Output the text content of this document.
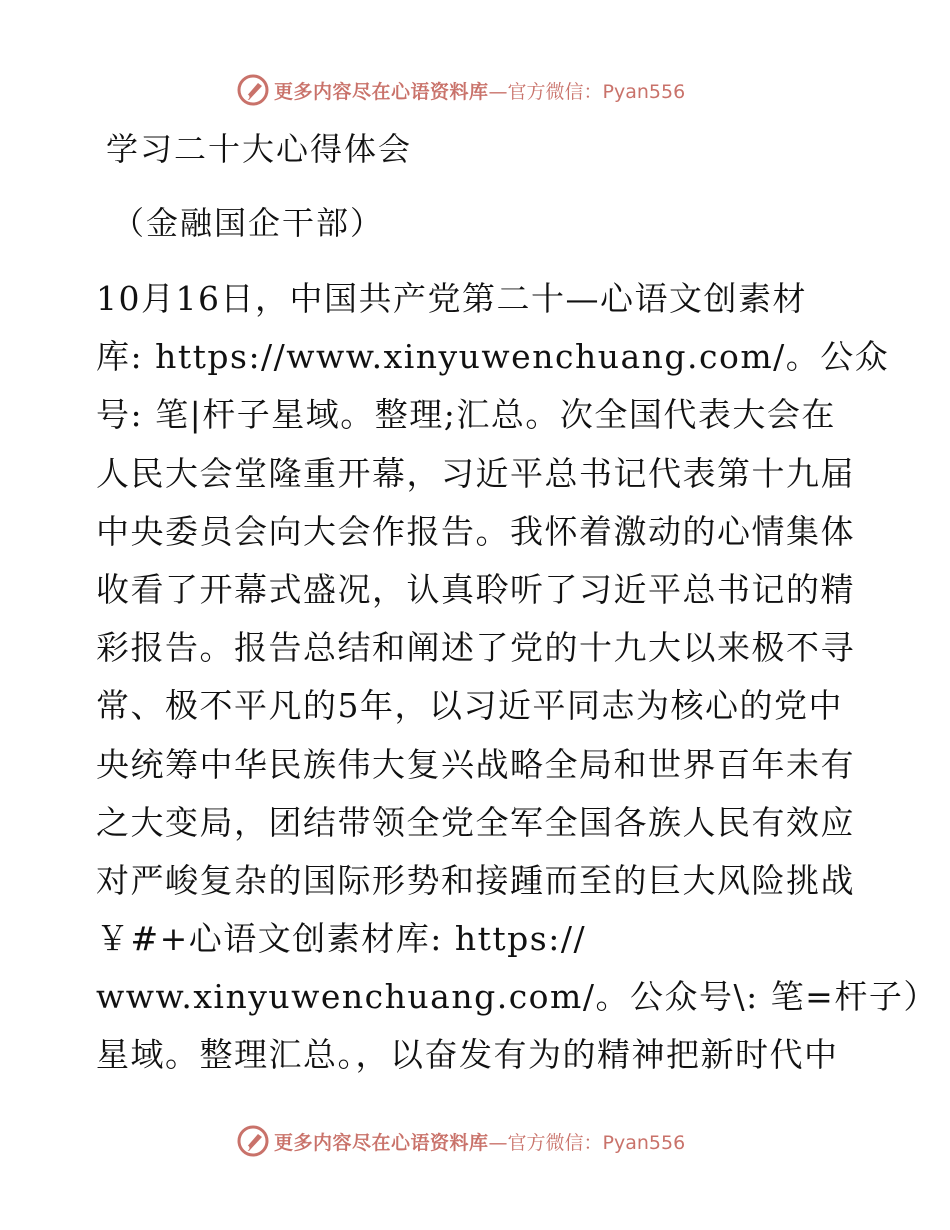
更多内容尽在心语资料库 —官方微信：Pyan556
学习二十大心得体会
（金融国企干部）
10月16日，中国共产党第二十—心语文创素材
库: https://www.xinyuwenchuang.com/。公众
号: 笔|杆子星域。整理;汇总。次全国代表大会在
人民大会堂隆重开幕，习近平总书记代表第十九届
中央委员会向大会作报告。我怀着激动的心情集体
收看了开幕式盛况，认真聆听了习近平总书记的精
彩报告。报告总结和阐述了党的十九大以来极不寻
常、极不平凡的5年，以习近平同志为核心的党中
央统筹中华民族伟大复兴战略全局和世界百年未有
之大变局，团结带领全党全军全国各族人民有效应
对严峻复杂的国际形势和接踵而至的巨大风险挑战
￥#+心语文创素材库: https://
www.xinyuwenchuang.com/。公众号\: 笔=杆子）
星域。整理汇总。，以奋发有为的精神把新时代中
更多内容尽在心语资料库 —官方微信：Pyan556
